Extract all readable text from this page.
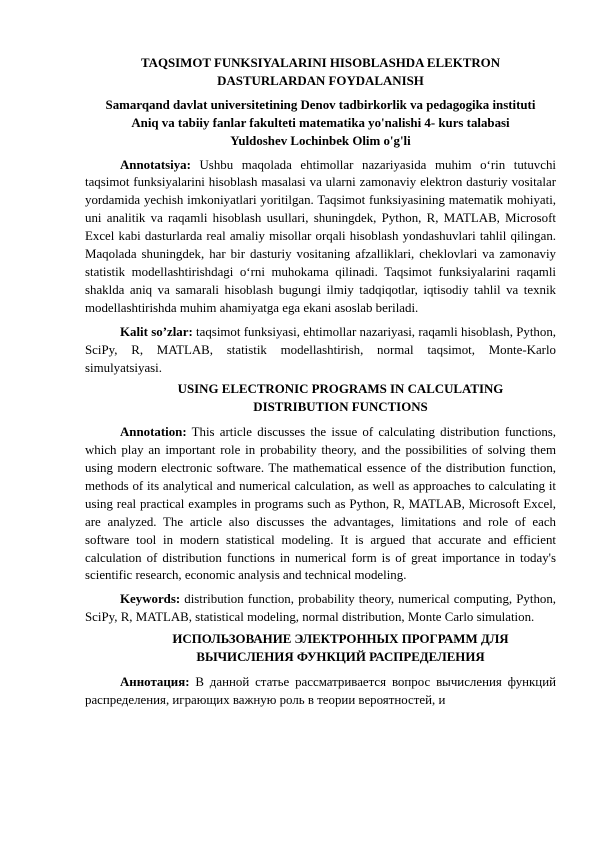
TAQSIMOT FUNKSIYALARINI HISOBLASHDA ELEKTRON
DASTURLARDAN FOYDALANISH
Samarqand davlat universitetining Denov tadbirkorlik va pedagogika instituti
Aniq va tabiiy fanlar fakulteti matematika yo'nalishi 4- kurs talabasi
Yuldoshev Lochinbek Olim o'g'li

Annotatsiya: Ushbu maqolada ehtimollar nazariyasida muhim o‘rin tutuvchi taqsimot funksiyalarini hisoblash masalasi va ularni zamonaviy elektron dasturiy vositalar yordamida yechish imkoniyatlari yoritilgan. Taqsimot funksiyasining matematik mohiyati, uni analitik va raqamli hisoblash usullari, shuningdek, Python, R, MATLAB, Microsoft Excel kabi dasturlarda real amaliy misollar orqali hisoblash yondashuvlari tahlil qilingan. Maqolada shuningdek, har bir dasturiy vositaning afzalliklari, cheklovlari va zamonaviy statistik modellashtirishdagi o‘rni muhokama qilinadi. Taqsimot funksiyalarini raqamli shaklda aniq va samarali hisoblash bugungi ilmiy tadqiqotlar, iqtisodiy tahlil va texnik modellashtirishda muhim ahamiyatga ega ekani asoslab beriladi.

Kalit so’zlar: taqsimot funksiyasi, ehtimollar nazariyasi, raqamli hisoblash, Python, SciPy, R, MATLAB, statistik modellashtirish, normal taqsimot, Monte-Karlo simulyatsiyasi.

USING ELECTRONIC PROGRAMS IN CALCULATING
DISTRIBUTION FUNCTIONS

Annotation: This article discusses the issue of calculating distribution functions, which play an important role in probability theory, and the possibilities of solving them using modern electronic software. The mathematical essence of the distribution function, methods of its analytical and numerical calculation, as well as approaches to calculating it using real practical examples in programs such as Python, R, MATLAB, Microsoft Excel, are analyzed. The article also discusses the advantages, limitations and role of each software tool in modern statistical modeling. It is argued that accurate and efficient calculation of distribution functions in numerical form is of great importance in today's scientific research, economic analysis and technical modeling.

Keywords: distribution function, probability theory, numerical computing, Python, SciPy, R, MATLAB, statistical modeling, normal distribution, Monte Carlo simulation.

ИСПОЛЬЗОВАНИЕ ЭЛЕКТРОННЫХ ПРОГРАММ ДЛЯ
ВЫЧИСЛЕНИЯ ФУНКЦИЙ РАСПРЕДЕЛЕНИЯ

Аннотация: В данной статье рассматривается вопрос вычисления функций распределения, играющих важную роль в теории вероятностей, и
